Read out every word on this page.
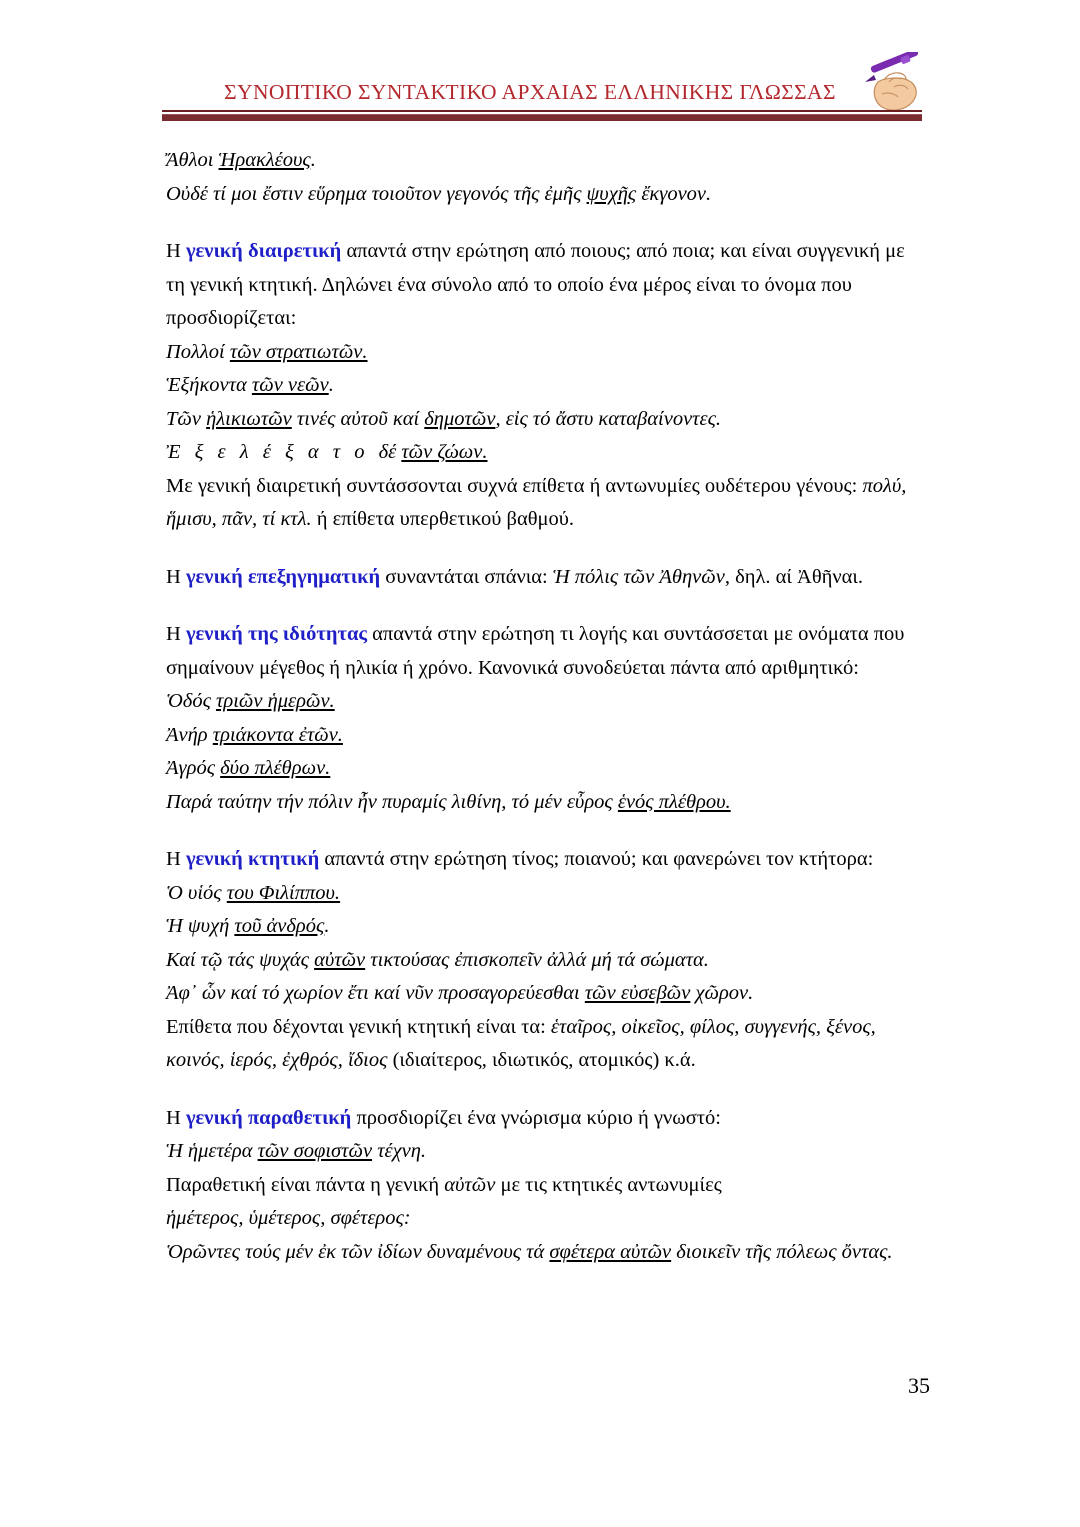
ΣΥΝΟΠΤΙΚΟ ΣΥΝΤΑΚΤΙΚΟ ΑΡΧΑΙΑΣ ΕΛΛΗΝΙΚΗΣ ΓΛΩΣΣΑΣ
Ἄθλοι Ἡρακλέους.
Οὐδέ τί μοι ἔστιν εὕρημα τοιοῦτον γεγονός τῆς ἐμῆς ψυχῆς ἔκγονον.
Η γενική διαιρετική απαντά στην ερώτηση από ποιους; από ποια; και είναι συγγενική με τη γενική κτητική. Δηλώνει ένα σύνολο από το οποίο ένα μέρος είναι το όνομα που προσδιορίζεται:
Πολλοί τῶν στρατιωτῶν.
Ἑξήκοντα τῶν νεῶν.
Τῶν ἡλικιωτῶν τινές αὐτοῦ καί δημοτῶν, εἰς τό ἄστυ καταβαίνοντες.
Ἐ ξ ε λ έ ξ α τ ο δέ τῶν ζώων.
Με γενική διαιρετική συντάσσονται συχνά επίθετα ή αντωνυμίες ουδέτερου γένους: πολύ, ἥμισυ, πᾶν, τί κτλ. ή επίθετα υπερθετικού βαθμού.
Η γενική επεξηγηματική συναντάται σπάνια: Ἡ πόλις τῶν Ἀθηνῶν, δηλ. αί Ἀθῆναι.
Η γενική της ιδιότητας απαντά στην ερώτηση τι λογής και συντάσσεται με ονόματα που σημαίνουν μέγεθος ή ηλικία ή χρόνο. Κανονικά συνοδεύεται πάντα από αριθμητικό:
Ὁδός τριῶν ἡμερῶν.
Ἀνήρ τριάκοντα ἐτῶν.
Ἀγρός δύο πλέθρων.
Παρά ταύτην τήν πόλιν ἦν πυραμίς λιθίνη, τό μέν εὖρος ἑνός πλέθρου.
Η γενική κτητική απαντά στην ερώτηση τίνος; ποιανού; και φανερώνει τον κτήτορα:
Ὁ υἱός του Φιλίππου.
Ἡ ψυχή τοῦ ἀνδρός.
Καί τῷ τάς ψυχάς αὐτῶν τικτούσας ἐπισκοπεῖν ἀλλά μή τά σώματα.
Ἀφ᾿ ὧν καί τό χωρίον ἔτι καί νῦν προσαγορεύεσθαι τῶν εὐσεβῶν χῶρον.
Επίθετα που δέχονται γενική κτητική είναι τα: ἑταῖρος, οἰκεῖος, φίλος, συγγενής, ξένος, κοινός, ἱερός, ἐχθρός, ἴδιος (ιδιαίτερος, ιδιωτικός, ατομικός) κ.ά.
Η γενική παραθετική προσδιορίζει ένα γνώρισμα κύριο ή γνωστό:
Ἡ ἡμετέρα τῶν σοφιστῶν τέχνη.
Παραθετική είναι πάντα η γενική αὐτῶν με τις κτητικές αντωνυμίες
ἡμέτερος, ὑμέτερος, σφέτερος:
Ὁρῶντες τούς μέν ἐκ τῶν ἰδίων δυναμένους τά σφέτερα αὐτῶν διοικεῖν τῆς πόλεως ὄντας.
35
